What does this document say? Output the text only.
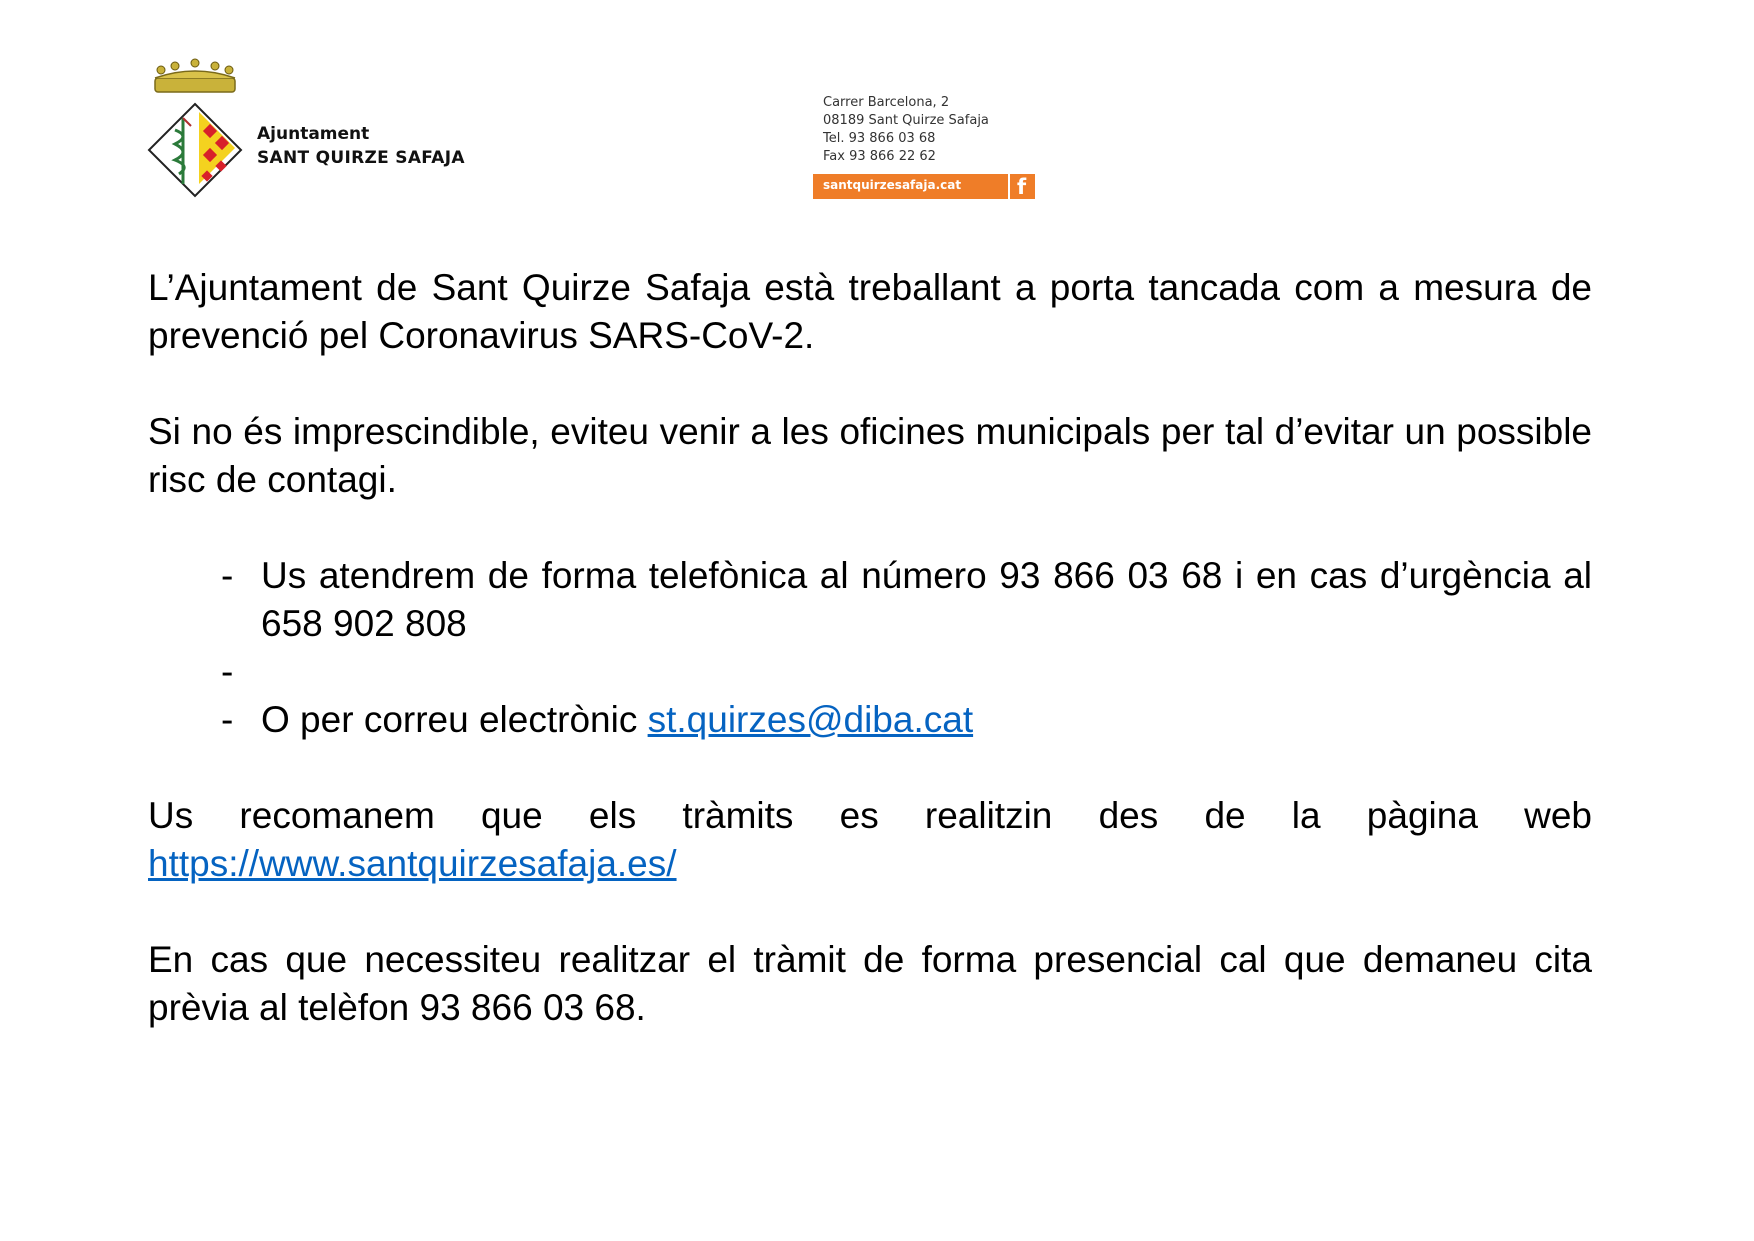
Ajuntament
SANT QUIRZE SAFAJA
Carrer Barcelona, 2
08189 Sant Quirze Safaja
Tel. 93 866 03 68
Fax 93 866 22 62
santquirzesafaja.cat	f

L’Ajuntament de Sant Quirze Safaja està treballant a porta tancada com a mesura de prevenció pel Coronavirus SARS-CoV-2.

Si no és imprescindible, eviteu venir a les oficines municipals per tal d’evitar un possible risc de contagi.

- Us atendrem de forma telefònica al número 93 866 03 68 i en cas d’urgència al 658 902 808
-
- O per correu electrònic st.quirzes@diba.cat

Us recomanem que els tràmits es realitzin des de la pàgina web https://www.santquirzesafaja.es/

En cas que necessiteu realitzar el tràmit de forma presencial cal que demaneu cita prèvia al telèfon 93 866 03 68.
